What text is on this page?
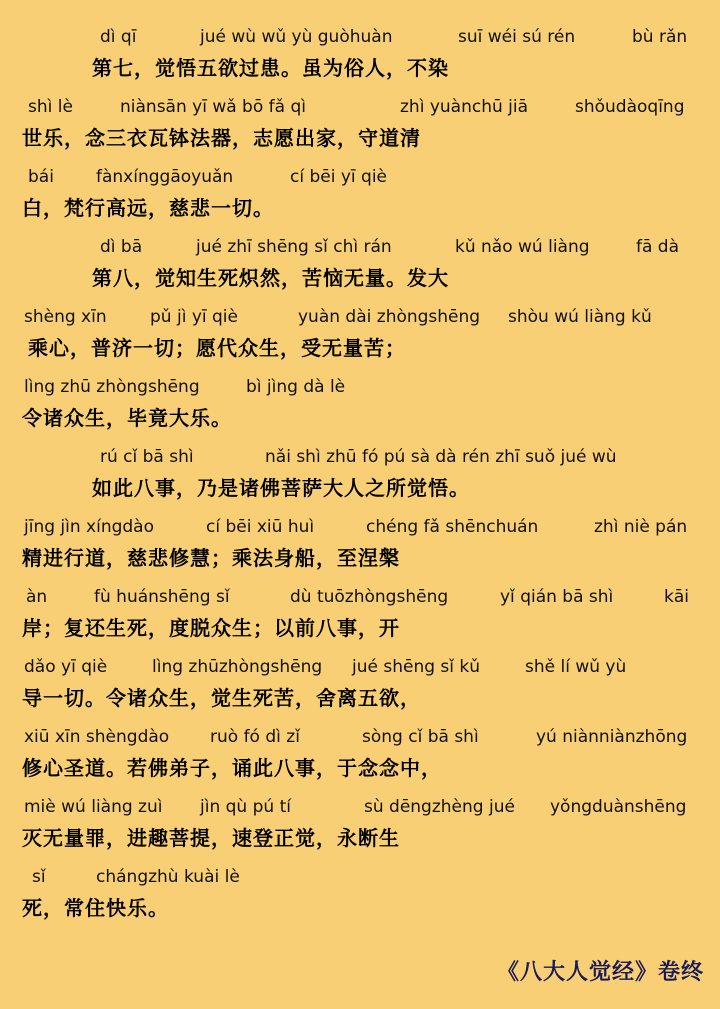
dì qī	jué wù wǔ yù guòhuàn	suī wéi sú rén	bù rǎn
第七，觉悟五欲过患。虽为俗人，不染
shì lè	niànsān yī wǎ bō fǎ qì	zhì yuànchū jiā	shǒudàoqīng
世乐，念三衣瓦钵法器，志愿出家，守道清
bái fànxínggāoyuǎn	cí bēi yī qiè
白，梵行高远，慈悲一切。
dì bā	jué zhī shēng sǐ chì rán	kǔ nǎo wú liàng	fā dà
第八，觉知生死炽然，苦恼无量。发大
shèng xīn	pǔ jì yī qiè	yuàn dài zhòngshēng shòu wú liàng kǔ
乘心，普济一切；愿代众生，受无量苦；
lìng zhū zhòngshēng	bì jìng dà lè
令诸众生，毕竟大乐。
rú cǐ bā shì	nǎi shì zhū fó pú sà dà rén zhī suǒ jué wù
如此八事，乃是诸佛菩萨大人之所觉悟。
jīng jìn xíngdào	cí bēi xiū huì	chéng fǎ shēnchuán	zhì niè pán
精进行道，慈悲修慧；乘法身船，至涅槃
àn	fù huánshēng sǐ	dù tuōzhòngshēng	yǐ qián bā shì	kāi
岸；复还生死，度脱众生；以前八事，开
dǎo yī qiè	lìng zhūzhòngshēng jué shēng sǐ kǔ	shě lí wǔ yù
导一切。令诸众生，觉生死苦，舍离五欲，
xiū xīn shèngdào ruò fó dì zǐ	sòng cǐ bā shì	yú niànniànzhōng
修心圣道。若佛弟子，诵此八事，于念念中，
miè wú liàng zuì jìn qù pú tí	sù dēngzhèng jué yǒngduànshēng
灭无量罪，进趣菩提，速登正觉，永断生
sǐ	chángzhù kuài lè
死，常住快乐。
《八大人觉经》卷终
